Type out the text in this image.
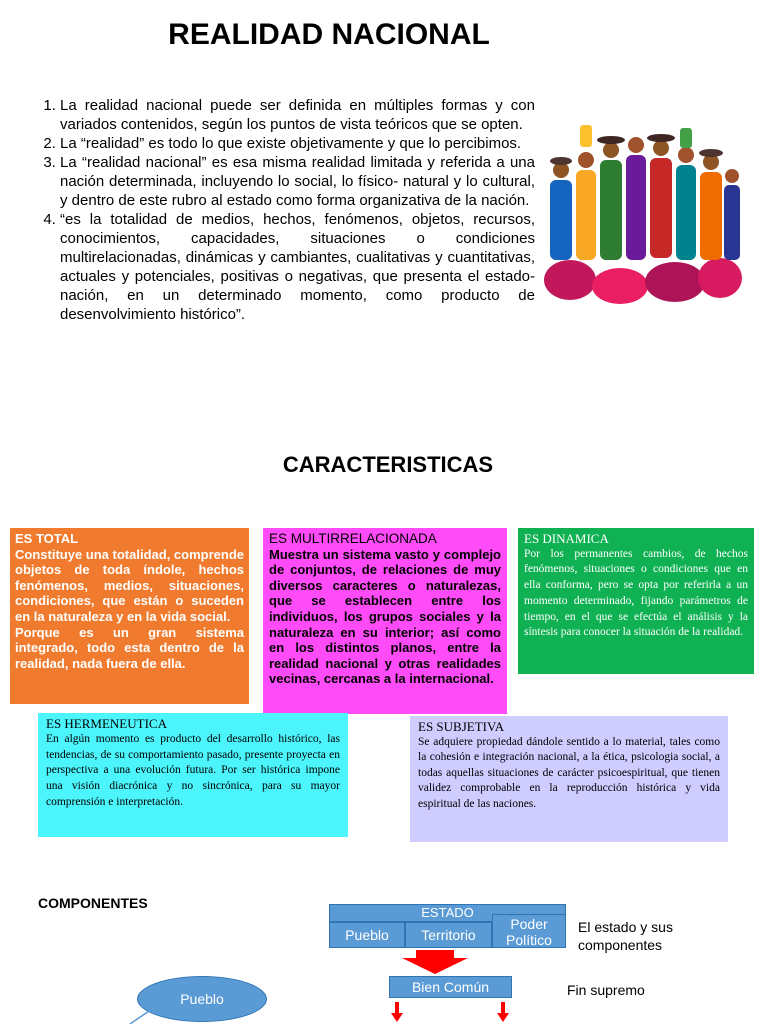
REALIDAD NACIONAL
1. La realidad nacional puede ser definida en múltiples formas y con variados contenidos, según los puntos de vista teóricos que se opten.
2. La “realidad” es todo lo que existe objetivamente y que lo percibimos.
3. La “realidad nacional” es esa misma realidad limitada y referida a una nación determinada, incluyendo lo social, lo físico- natural y lo cultural, y dentro de este rubro al estado como forma organizativa de la nación.
4. “es la totalidad de medios, hechos, fenómenos, objetos, recursos, conocimientos, capacidades, situaciones o condiciones multirelacionadas, dinámicas y cambiantes, cualitativas y cuantitativas, actuales y potenciales, positivas o negativas, que presenta el estado- nación, en un determinado momento, como producto de desenvolvimiento histórico”.
CARACTERISTICAS
ES TOTAL
Constituye una totalidad, comprende objetos de toda índole, hechos fenómenos, medios, situaciones, condiciones, que están o suceden en la naturaleza y en la vida social.
Porque es un gran sistema integrado, todo esta dentro de la realidad, nada fuera de ella.
ES MULTIRRELACIONADA
Muestra un sistema vasto y complejo de conjuntos, de relaciones de muy diversos caracteres o naturalezas, que se establecen entre los individuos, los grupos sociales y la naturaleza en su interior; así como en los distintos planos, entre la realidad nacional y otras realidades vecinas, cercanas a la internacional.
ES DINAMICA
Por los permanentes cambios, de hechos fenómenos, situaciones o condiciones que en ella conforma, pero se opta por referirla a un momento determinado, fijando parámetros de tiempo, en el que se efectúa el análisis y la síntesis para conocer la situación de la realidad.
ES HERMENEUTICA
En algún momento es producto del desarrollo histórico, las tendencias, de su comportamiento pasado, presente proyecta en perspectiva a una evolución futura. Por ser histórica impone una visión diacrónica y no sincrónica, para su mayor comprensión e interpretación.
ES SUBJETIVA
Se adquiere propiedad dándole sentido a lo material, tales como la cohesión e integración nacional, a la ética, psicologia social, a todas aquellas situaciones de carácter psicoespiritual, que tienen validez comprobable en la reproducción histórica y vida espiritual de las naciones.
COMPONENTES
ESTADO
Pueblo	Territorio
Poder Político
El estado y sus componentes
Bien Común	Fin supremo
Pueblo
